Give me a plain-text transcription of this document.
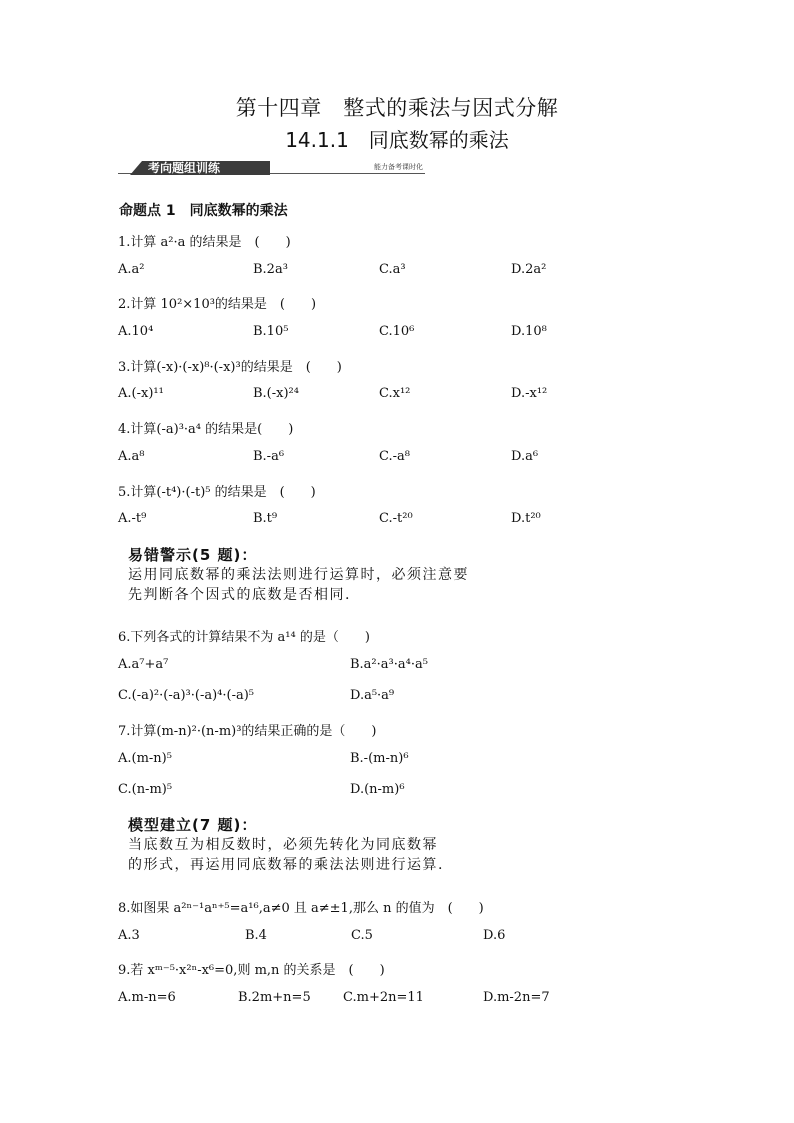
第十四章　整式的乘法与因式分解
14.1.1　同底数幂的乘法
考向题组训练	能力备考课时化
命题点 1　同底数幂的乘法
1.计算 a²·a 的结果是　(　　)
A.a²	B.2a³	C.a³	D.2a²
2.计算 10²×10³的结果是　(　　)
A.10⁴	B.10⁵	C.10⁶	D.10⁸
3.计算(-x)·(-x)⁸·(-x)³的结果是　(　　)
A.(-x)¹¹	B.(-x)²⁴	C.x¹²	D.-x¹²
4.计算(-a)³·a⁴ 的结果是(　　)
A.a⁸	B.-a⁶	C.-a⁸	D.a⁶
5.计算(-t⁴)·(-t)⁵ 的结果是　(　　)
A.-t⁹	B.t⁹	C.-t²⁰	D.t²⁰
易错警示(5 题)：
运用同底数幂的乘法法则进行运算时，必须注意要
先判断各个因式的底数是否相同.
6.下列各式的计算结果不为 a¹⁴ 的是（　　)
A.a⁷+a⁷	B.a²·a³·a⁴·a⁵
C.(-a)²·(-a)³·(-a)⁴·(-a)⁵	D.a⁵·a⁹
7.计算(m-n)²·(n-m)³的结果正确的是（　　)
A.(m-n)⁵	B.-(m-n)⁶
C.(n-m)⁵	D.(n-m)⁶
模型建立(7 题)：
当底数互为相反数时，必须先转化为同底数幂
的形式，再运用同底数幂的乘法法则进行运算.
8.如图果 a²ⁿ⁻¹aⁿ⁺⁵=a¹⁶,a≠0 且 a≠±1,那么 n 的值为　(　　)
A.3	B.4	C.5	D.6
9.若 xᵐ⁻⁵·x²ⁿ-x⁶=0,则 m,n 的关系是　(　　)
A.m-n=6	B.2m+n=5 C.m+2n=11	D.m-2n=7
